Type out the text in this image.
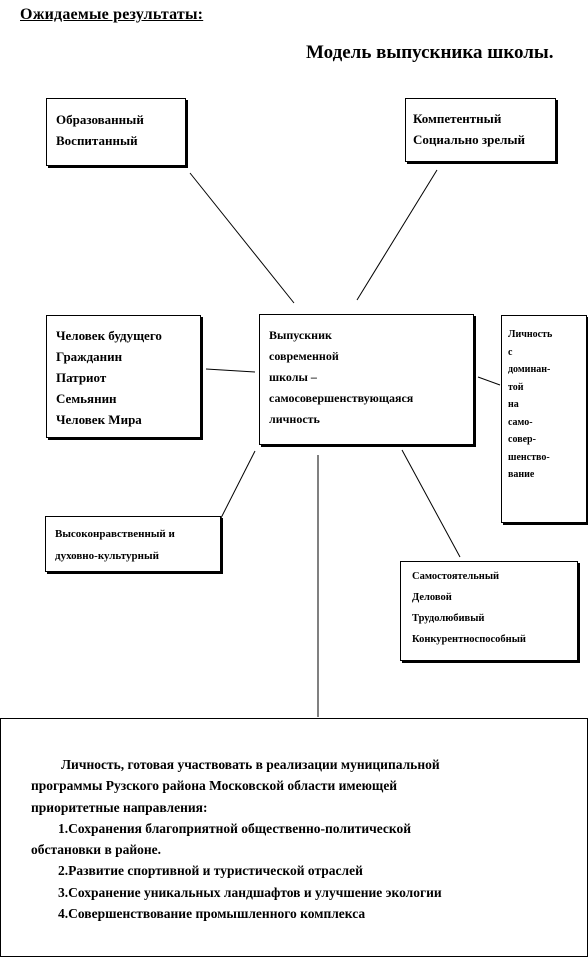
Ожидаемые результаты:
Модель выпускника школы.
Образованный
Воспитанный
Компетентный
Социально зрелый
Человек будущего
Гражданин
Патриот
Семьянин
Человек Мира
Выпускник
современной
школы –
самосовершенствующаяся
личность
Личность
с
доминан-
той
на
само-
совер-
шенство-
вание
Высоконравственный и
духовно-культурный
Самостоятельный
Деловой
Трудолюбивый
Конкурентноспособный
Личность, готовая участвовать в реализации муниципальной
программы Рузского района Московской области имеющей
приоритетные направления:
1.Сохранения благоприятной общественно-политической
обстановки в районе.
2.Развитие спортивной и туристической отраслей
3.Сохранение уникальных ландшафтов и улучшение экологии
4.Совершенствование промышленного комплекса
